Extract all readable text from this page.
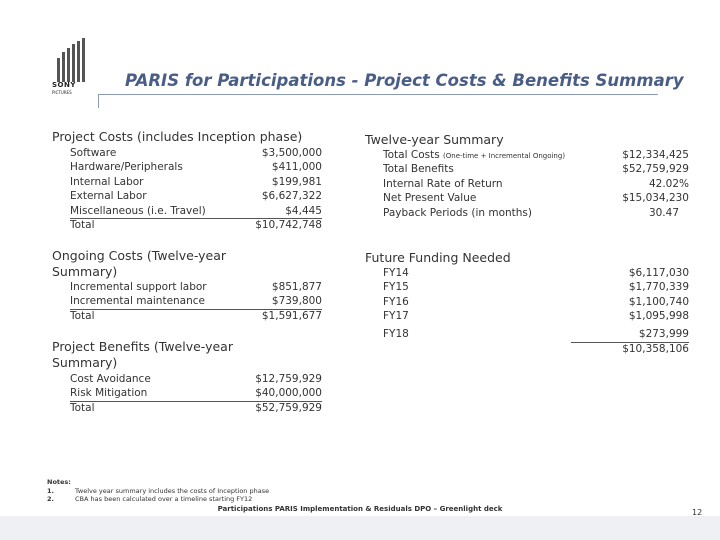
SONY
PICTURES
PARIS for Participations - Project Costs & Benefits Summary
Project Costs (includes Inception phase)
Software	$3,500,000
Hardware/Peripherals	$411,000
Internal Labor	$199,981
External Labor	$6,627,322
Miscellaneous (i.e. Travel)	$4,445
Total	$10,742,748
Ongoing Costs (Twelve-year
Summary)
Incremental support labor	$851,877
Incremental maintenance	$739,800
Total	$1,591,677
Project Benefits (Twelve-year
Summary)
Cost Avoidance	$12,759,929
Risk Mitigation	$40,000,000
Total	$52,759,929
Twelve-year Summary
Total Costs (One-time + Incremental Ongoing)	$12,334,425
Total Benefits	$52,759,929
Internal Rate of Return	42.02%
Net Present Value	$15,034,230
Payback Periods (in months)	30.47
Future Funding Needed
FY14	$6,117,030
FY15	$1,770,339
FY16	$1,100,740
FY17	$1,095,998
FY18	$273,999
$10,358,106
Notes:
1.	Twelve year summary includes the costs of Inception phase
2.	CBA has been calculated over a timeline starting FY12
Participations PARIS Implementation & Residuals DPO – Greenlight deck	12
